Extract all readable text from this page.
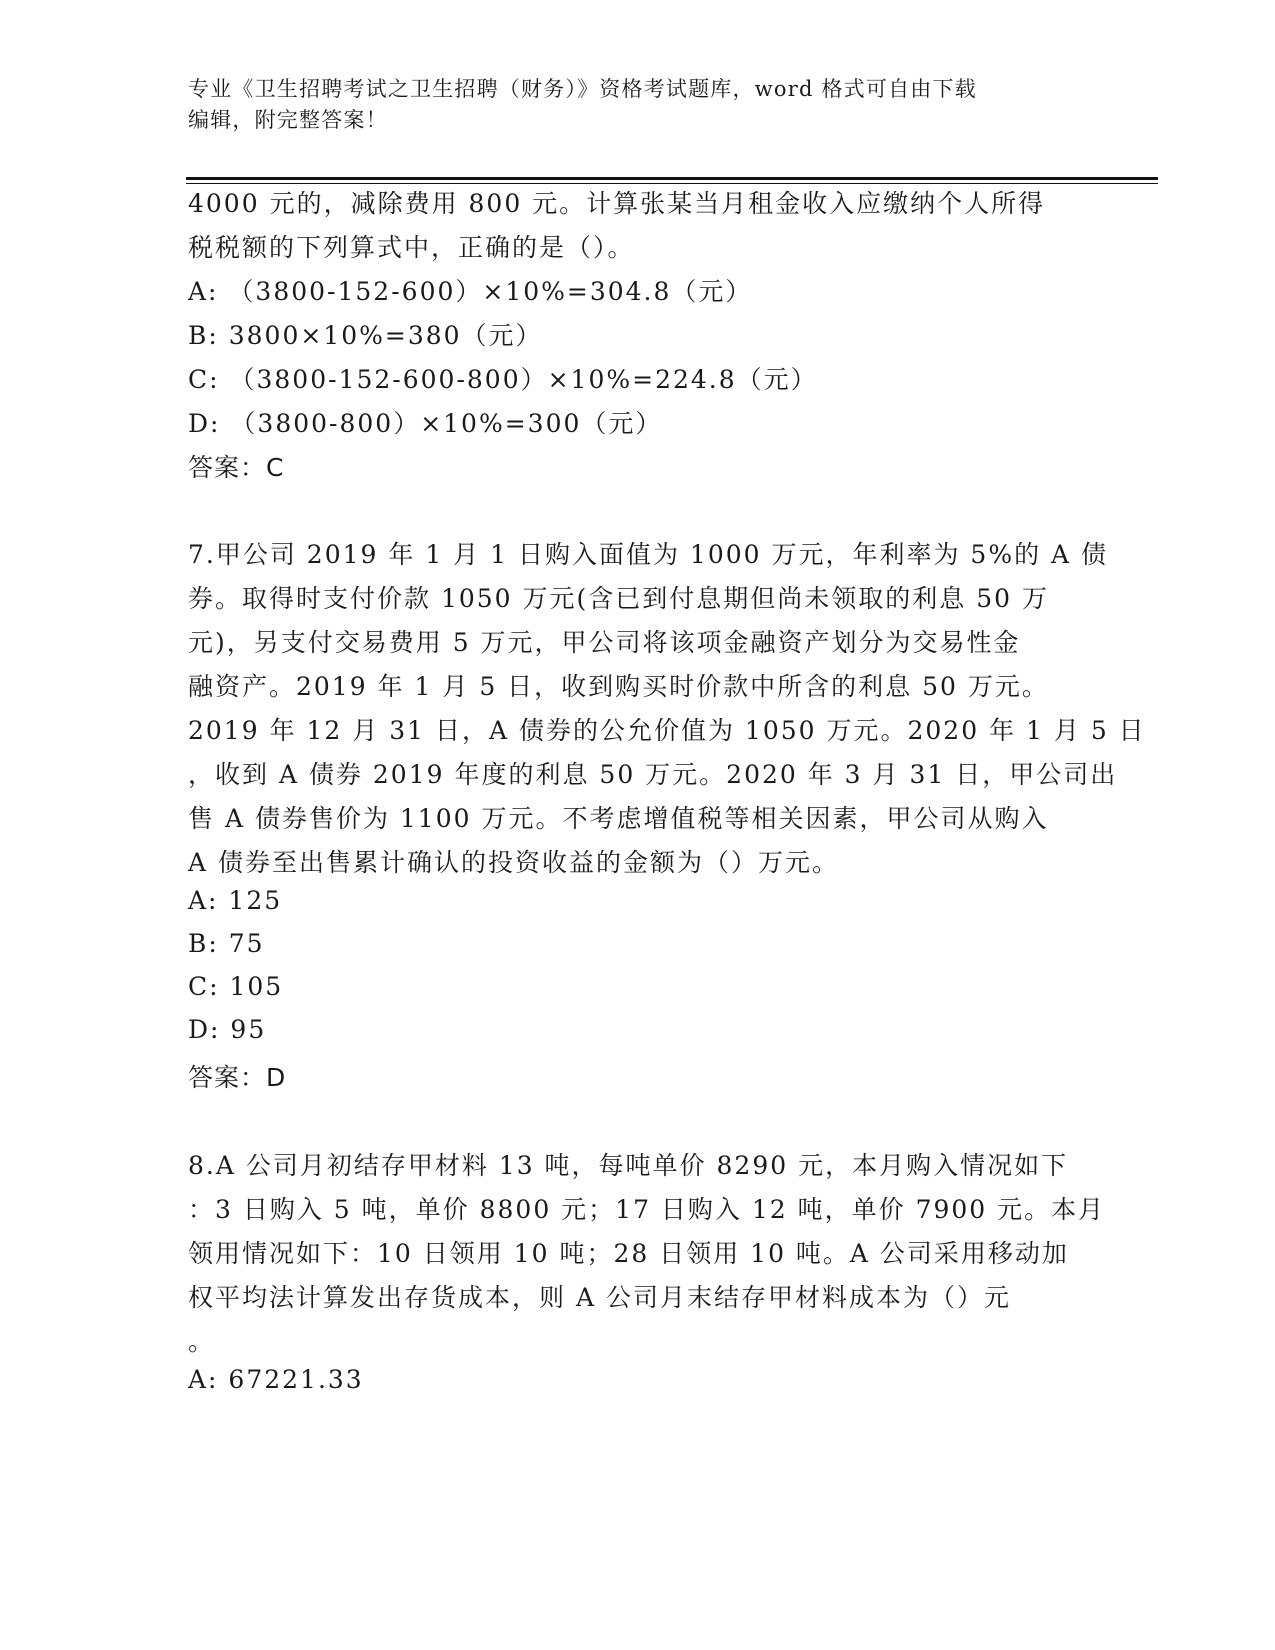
专业《卫生招聘考试之卫生招聘（财务）》资格考试题库，word 格式可自由下载
编辑，附完整答案！
4000 元的，减除费用 800 元。计算张某当月租金收入应缴纳个人所得
税税额的下列算式中，正确的是（）。
A: （3800-152-600）×10%=304.8（元）
B: 3800×10%=380（元）
C: （3800-152-600-800）×10%=224.8（元）
D: （3800-800）×10%=300（元）
答案：C
7.甲公司 2019 年 1 月 1 日购入面值为 1000 万元，年利率为 5%的 A 债
券。取得时支付价款 1050 万元(含已到付息期但尚未领取的利息 50 万
元)，另支付交易费用 5 万元，甲公司将该项金融资产划分为交易性金
融资产。2019 年 1 月 5 日，收到购买时价款中所含的利息 50 万元。
2019 年 12 月 31 日，A 债券的公允价值为 1050 万元。2020 年 1 月 5 日
，收到 A 债券 2019 年度的利息 50 万元。2020 年 3 月 31 日，甲公司出
售 A 债券售价为 1100 万元。不考虑增值税等相关因素，甲公司从购入
A 债券至出售累计确认的投资收益的金额为（）万元。
A: 125
B: 75
C: 105
D: 95
答案：D
8.A 公司月初结存甲材料 13 吨，每吨单价 8290 元，本月购入情况如下
：3 日购入 5 吨，单价 8800 元；17 日购入 12 吨，单价 7900 元。本月
领用情况如下：10 日领用 10 吨；28 日领用 10 吨。A 公司采用移动加
权平均法计算发出存货成本，则 A 公司月末结存甲材料成本为（）元
。
A: 67221.33
